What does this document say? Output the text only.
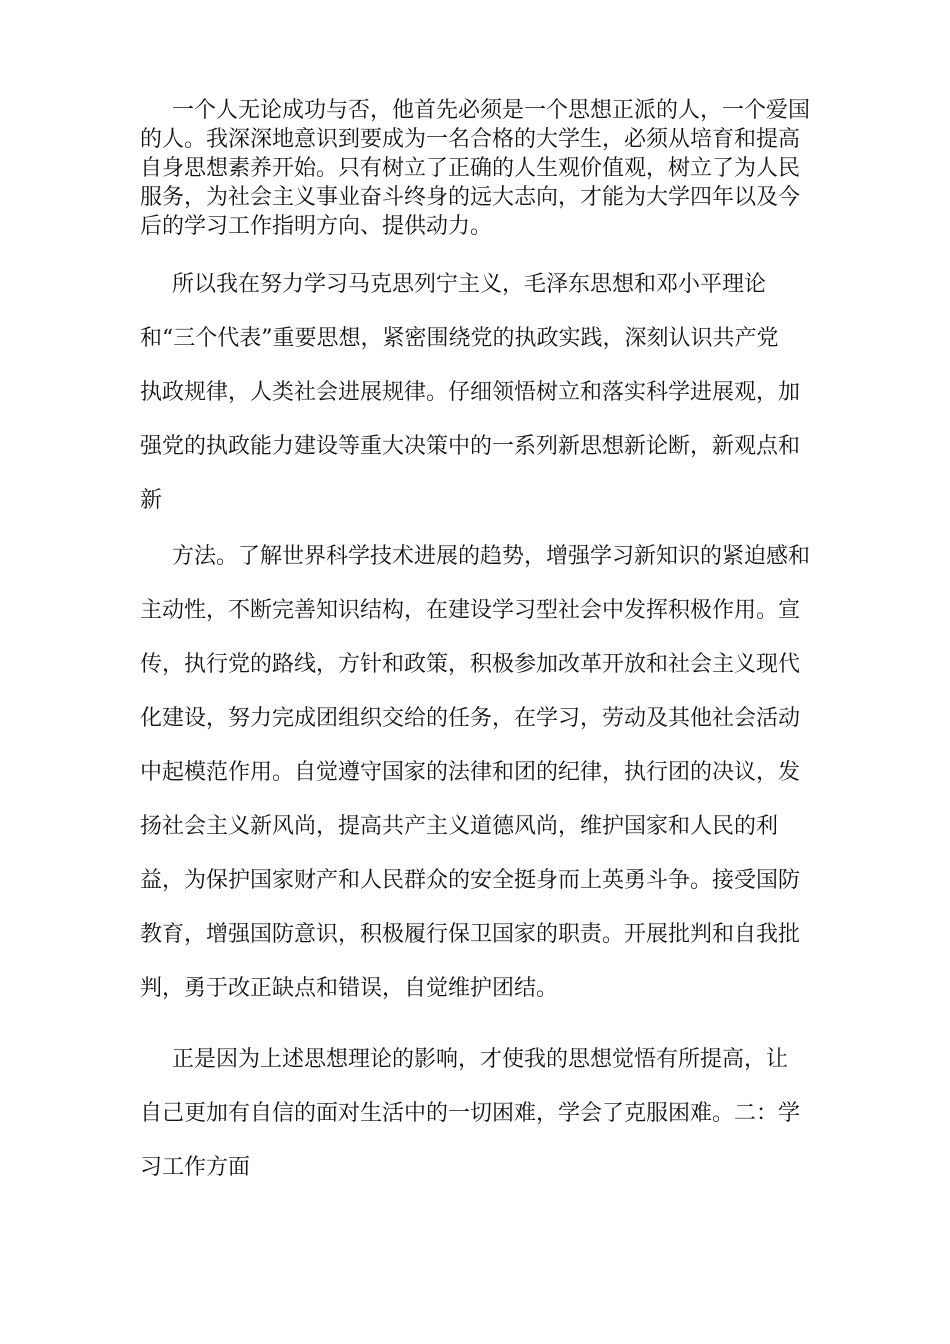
一个人无论成功与否，他首先必须是一个思想正派的人，一个爱国
的人。我深深地意识到要成为一名合格的大学生，必须从培育和提高
自身思想素养开始。只有树立了正确的人生观价值观，树立了为人民
服务，为社会主义事业奋斗终身的远大志向，才能为大学四年以及今
后的学习工作指明方向、提供动力。

所以我在努力学习马克思列宁主义，毛泽东思想和邓小平理论
和“三个代表”重要思想，紧密围绕党的执政实践，深刻认识共产党
执政规律，人类社会进展规律。仔细领悟树立和落实科学进展观，加
强党的执政能力建设等重大决策中的一系列新思想新论断，新观点和
新

方法。了解世界科学技术进展的趋势，增强学习新知识的紧迫感和
主动性，不断完善知识结构，在建设学习型社会中发挥积极作用。宣
传，执行党的路线，方针和政策，积极参加改革开放和社会主义现代
化建设，努力完成团组织交给的任务，在学习，劳动及其他社会活动
中起模范作用。自觉遵守国家的法律和团的纪律，执行团的决议，发
扬社会主义新风尚，提高共产主义道德风尚，维护国家和人民的利
益，为保护国家财产和人民群众的安全挺身而上英勇斗争。接受国防
教育，增强国防意识，积极履行保卫国家的职责。开展批判和自我批
判，勇于改正缺点和错误，自觉维护团结。

正是因为上述思想理论的影响，才使我的思想觉悟有所提高，让
自己更加有自信的面对生活中的一切困难，学会了克服困难。二：学
习工作方面
